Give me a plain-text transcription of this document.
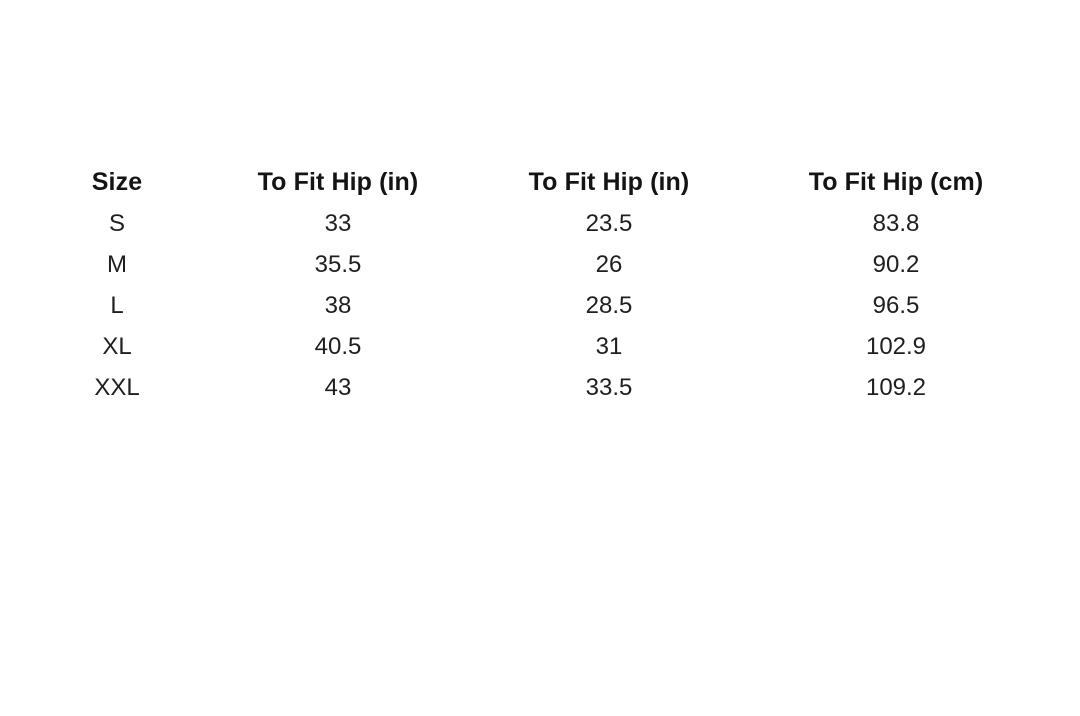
Size	To Fit Hip (in)	To Fit Hip (in)	To Fit Hip (cm)
S	33	23.5	83.8
M	35.5	26	90.2
L	38	28.5	96.5
XL	40.5	31	102.9
XXL	43	33.5	109.2
